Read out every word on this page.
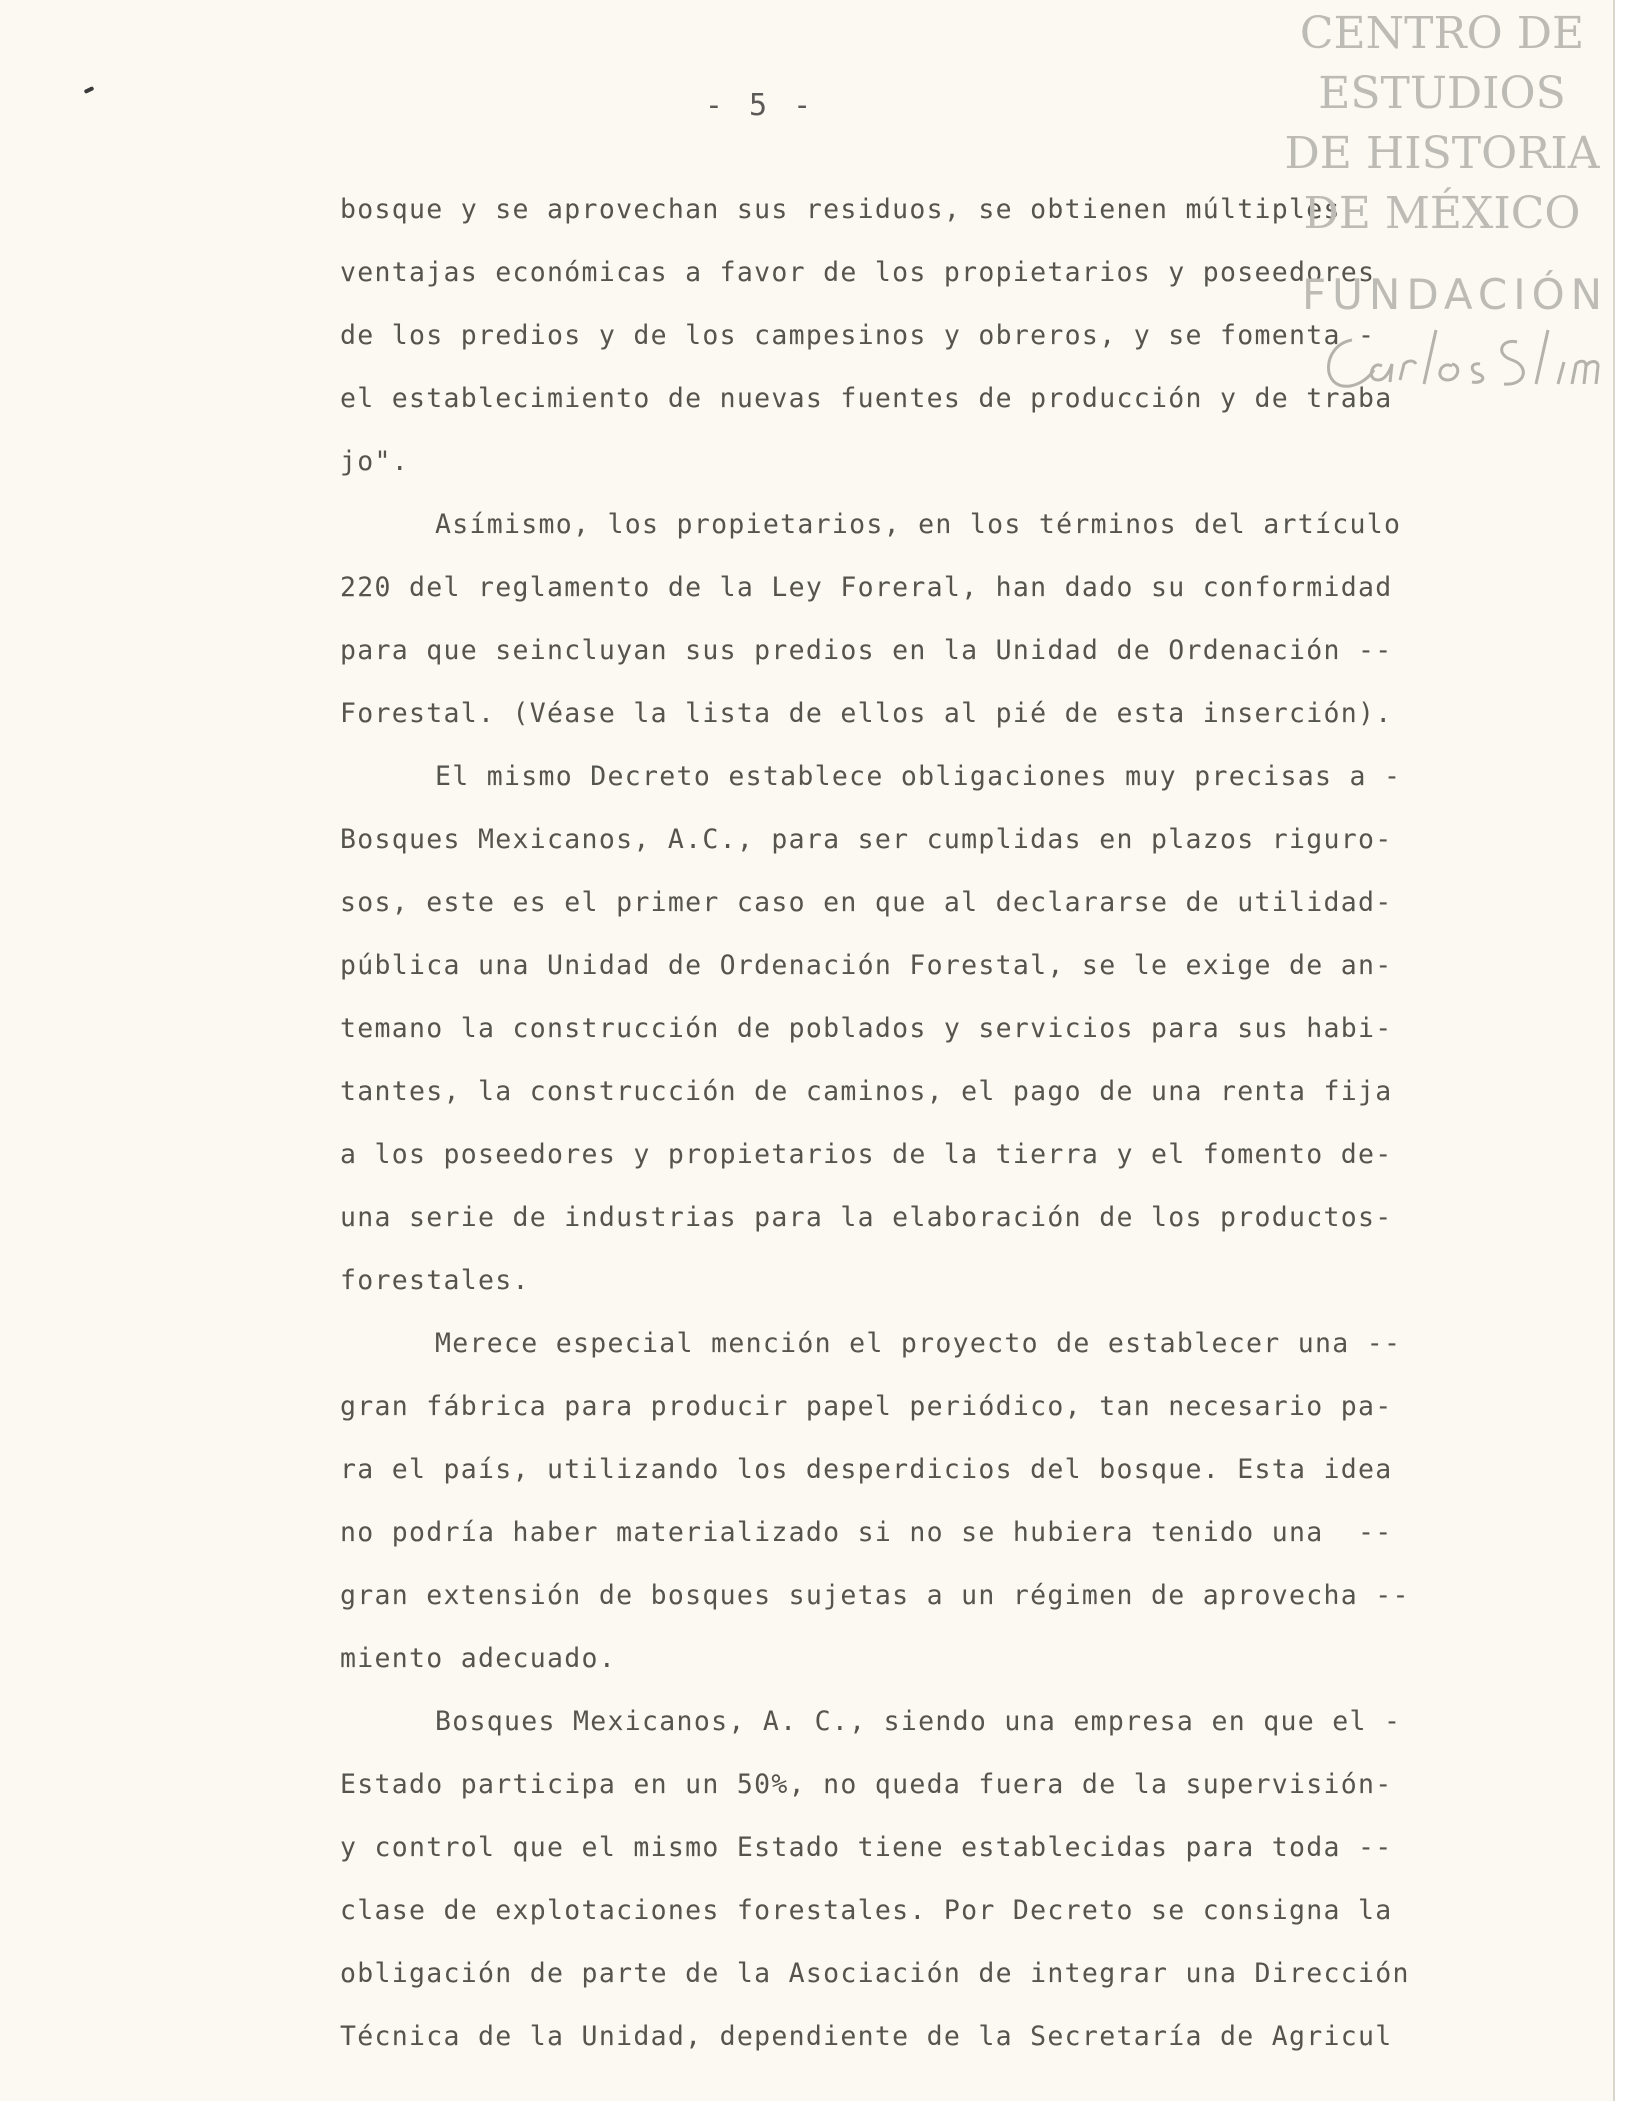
- 5 -
bosque y se aprovechan sus residuos, se obtienen múltiples
ventajas económicas a favor de los propietarios y poseedores
de los predios y de los campesinos y obreros, y se fomenta -
el establecimiento de nuevas fuentes de producción y de traba
jo".
Asímismo, los propietarios, en los términos del artículo
220 del reglamento de la Ley Foreral, han dado su conformidad
para que seincluyan sus predios en la Unidad de Ordenación --
Forestal. (Véase la lista de ellos al pié de esta inserción).
El mismo Decreto establece obligaciones muy precisas a -
Bosques Mexicanos, A.C., para ser cumplidas en plazos riguro-
sos, este es el primer caso en que al declararse de utilidad-
pública una Unidad de Ordenación Forestal, se le exige de an-
temano la construcción de poblados y servicios para sus habi-
tantes, la construcción de caminos, el pago de una renta fija
a los poseedores y propietarios de la tierra y el fomento de-
una serie de industrias para la elaboración de los productos-
forestales.
Merece especial mención el proyecto de establecer una --
gran fábrica para producir papel periódico, tan necesario pa-
ra el país, utilizando los desperdicios del bosque. Esta idea
no podría haber materializado si no se hubiera tenido una  --
gran extensión de bosques sujetas a un régimen de aprovecha --
miento adecuado.
Bosques Mexicanos, A. C., siendo una empresa en que el -
Estado participa en un 50%, no queda fuera de la supervisión-
y control que el mismo Estado tiene establecidas para toda --
clase de explotaciones forestales. Por Decreto se consigna la
obligación de parte de la Asociación de integrar una Dirección
Técnica de la Unidad, dependiente de la Secretaría de Agricul
CENTRO DE
ESTUDIOS
DE HISTORIA
DE MÉXICO
FUNDACIÓN
